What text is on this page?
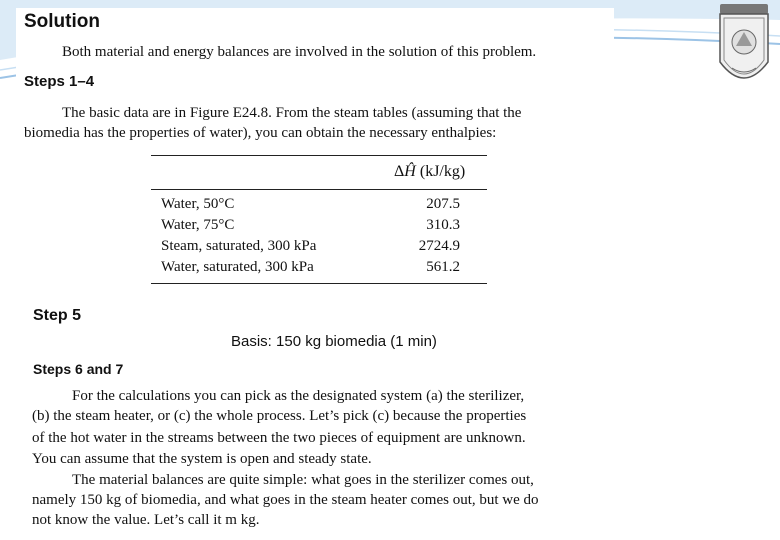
Solution
Both material and energy balances are involved in the solution of this problem.
Steps 1–4
The basic data are in Figure E24.8. From the steam tables (assuming that the
biomedia has the properties of water), you can obtain the necessary enthalpies:
ΔĤ (kJ/kg)
Water, 50°C	207.5
Water, 75°C	310.3
Steam, saturated, 300 kPa	2724.9
Water, saturated, 300 kPa	561.2
Step 5
Basis: 150 kg biomedia (1 min)
Steps 6 and 7
For the calculations you can pick as the designated system (a) the sterilizer,
(b) the steam heater, or (c) the whole process. Let’s pick (c) because the properties
of the hot water in the streams between the two pieces of equipment are unknown.
You can assume that the system is open and steady state.
The material balances are quite simple: what goes in the sterilizer comes out,
namely 150 kg of biomedia, and what goes in the steam heater comes out, but we do
not know the value. Let’s call it m kg.
